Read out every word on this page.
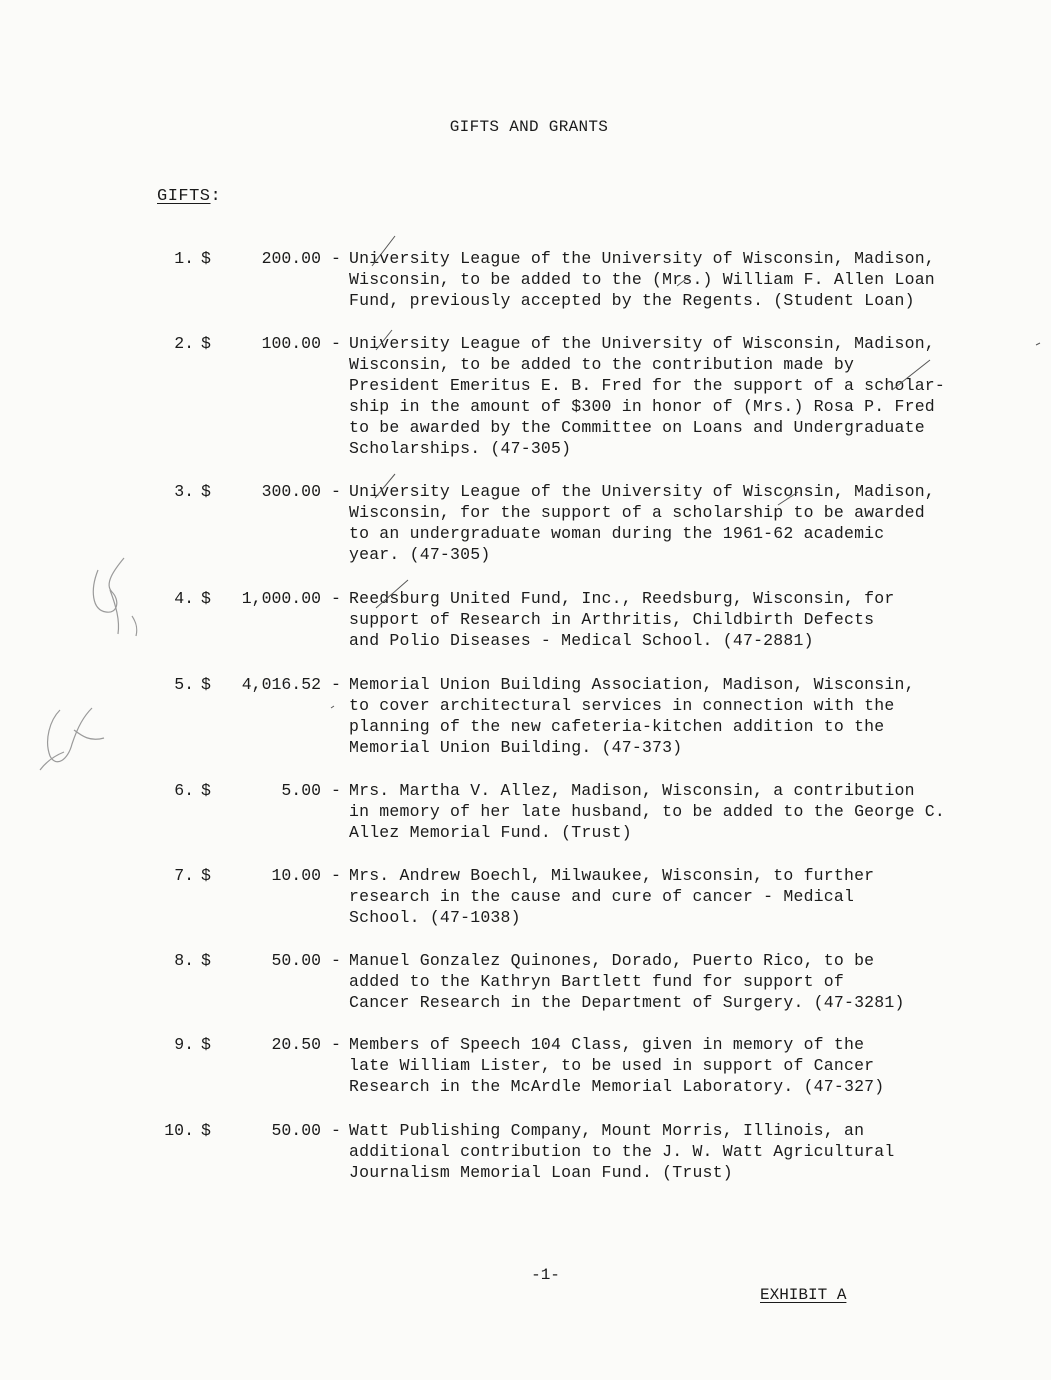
GIFTS AND GRANTS
GIFTS:
1. $	200.00 - University League of the University of Wisconsin, Madison,
Wisconsin, to be added to the (Mrs.) William F. Allen Loan
Fund, previously accepted by the Regents. (Student Loan)
2. $	100.00 - University League of the University of Wisconsin, Madison,
Wisconsin, to be added to the contribution made by
President Emeritus E. B. Fred for the support of a scholar-
ship in the amount of $300 in honor of (Mrs.) Rosa P. Fred
to be awarded by the Committee on Loans and Undergraduate
Scholarships. (47-305)
3. $	300.00 - University League of the University of Wisconsin, Madison,
Wisconsin, for the support of a scholarship to be awarded
to an undergraduate woman during the 1961-62 academic
year. (47-305)
4. $	1,000.00 - Reedsburg United Fund, Inc., Reedsburg, Wisconsin, for
support of Research in Arthritis, Childbirth Defects
and Polio Diseases - Medical School. (47-2881)
5. $	4,016.52 - Memorial Union Building Association, Madison, Wisconsin,
to cover architectural services in connection with the
planning of the new cafeteria-kitchen addition to the
Memorial Union Building. (47-373)
6. $	5.00 - Mrs. Martha V. Allez, Madison, Wisconsin, a contribution
in memory of her late husband, to be added to the George C.
Allez Memorial Fund. (Trust)
7. $	10.00 - Mrs. Andrew Boechl, Milwaukee, Wisconsin, to further
research in the cause and cure of cancer - Medical
School. (47-1038)
8. $	50.00 - Manuel Gonzalez Quinones, Dorado, Puerto Rico, to be
added to the Kathryn Bartlett fund for support of
Cancer Research in the Department of Surgery. (47-3281)
9. $	20.50 - Members of Speech 104 Class, given in memory of the
late William Lister, to be used in support of Cancer
Research in the McArdle Memorial Laboratory. (47-327)
10. $	50.00 - Watt Publishing Company, Mount Morris, Illinois, an
additional contribution to the J. W. Watt Agricultural
Journalism Memorial Loan Fund. (Trust)
-1-
EXHIBIT A
